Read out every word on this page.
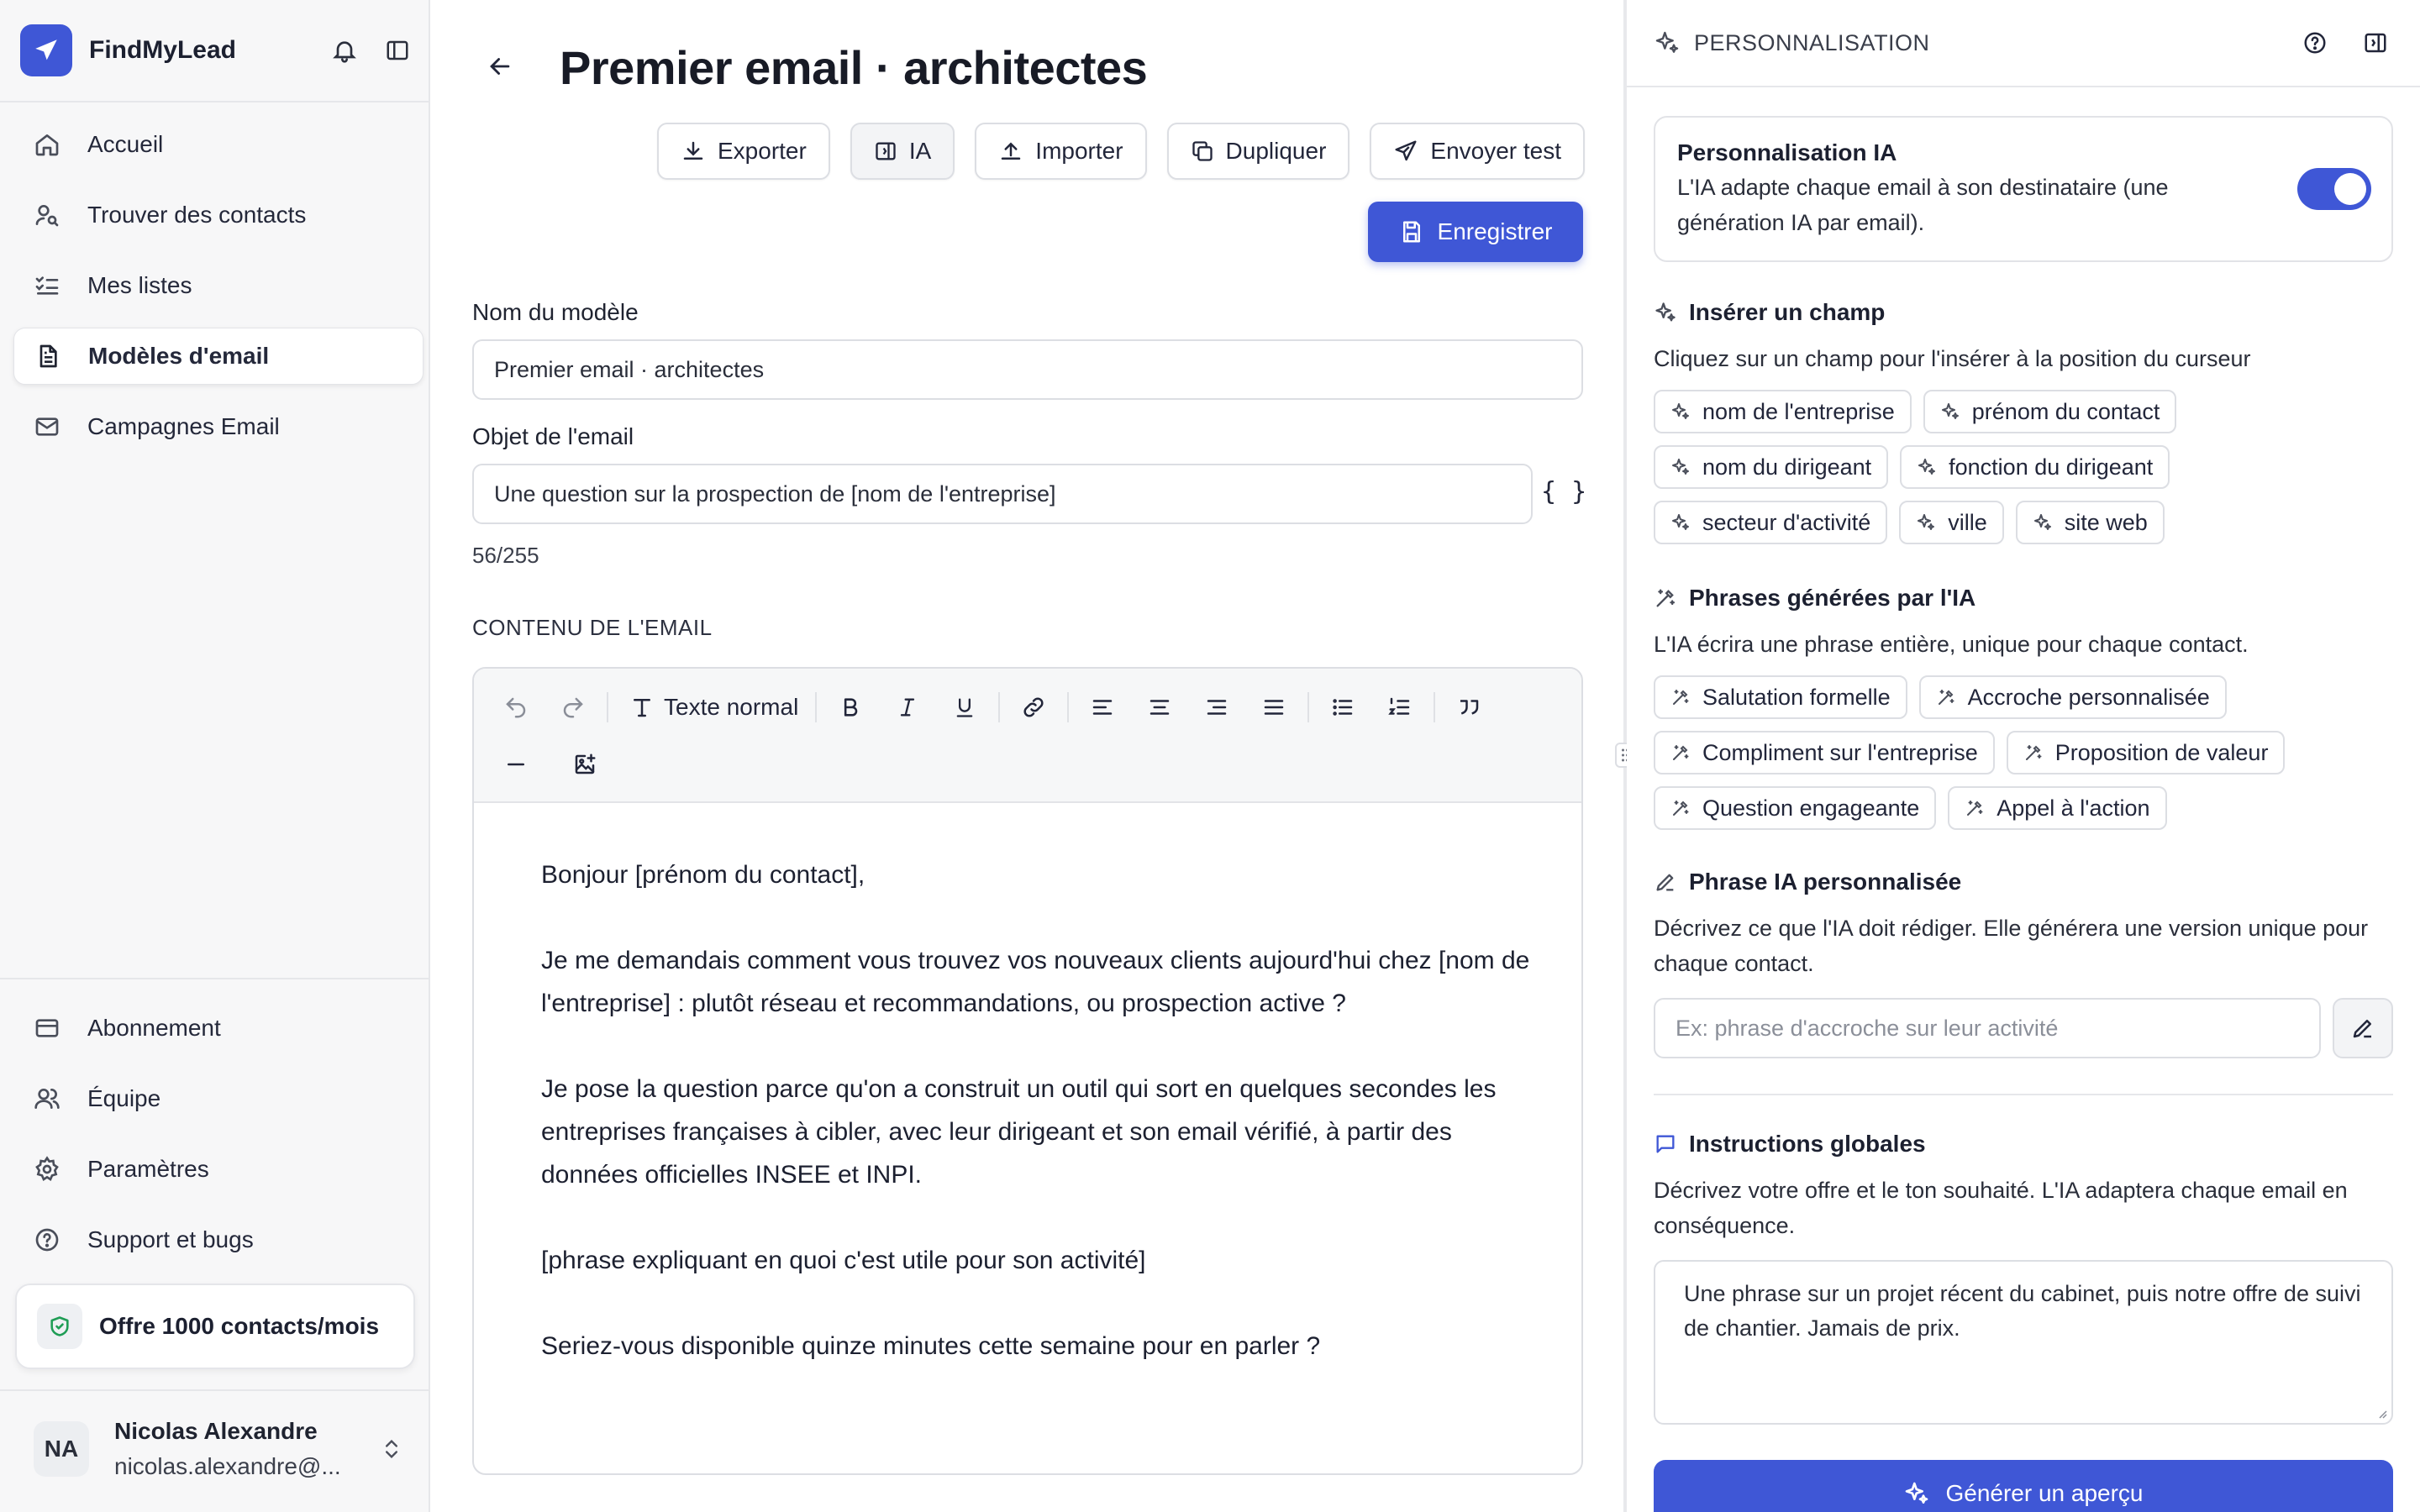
FindMyLead
Accueil
Trouver des contacts
Mes listes
Modèles d'email
Campagnes Email
Abonnement
Équipe
Paramètres
Support et bugs
Offre 1000 contacts/mois
NA
Nicolas Alexandre
nicolas.alexandre@...
Premier email · architectes
Exporter	IA	Importer	Dupliquer	Envoyer test
Enregistrer
Nom du modèle
Premier email · architectes
Objet de l'email
Une question sur la prospection de [nom de l'entreprise]	{ }
56/255
CONTENU DE L'EMAIL
Texte normal

Bonjour [prénom du contact],

Je me demandais comment vous trouvez vos nouveaux clients aujourd'hui chez [nom de l'entreprise] : plutôt réseau et recommandations, ou prospection active ?

Je pose la question parce qu'on a construit un outil qui sort en quelques secondes les entreprises françaises à cibler, avec leur dirigeant et son email vérifié, à partir des données officielles INSEE et INPI.

[phrase expliquant en quoi c'est utile pour son activité]

Seriez-vous disponible quinze minutes cette semaine pour en parler ?

PERSONNALISATION
Personnalisation IA
L'IA adapte chaque email à son destinataire (une génération IA par email).
Insérer un champ
Cliquez sur un champ pour l'insérer à la position du curseur
nom de l'entreprise	prénom du contact
nom du dirigeant	fonction du dirigeant
secteur d'activité	ville	site web
Phrases générées par l'IA
L'IA écrira une phrase entière, unique pour chaque contact.
Salutation formelle	Accroche personnalisée
Compliment sur l'entreprise	Proposition de valeur
Question engageante	Appel à l'action
Phrase IA personnalisée
Décrivez ce que l'IA doit rédiger. Elle générera une version unique pour chaque contact.
Ex: phrase d'accroche sur leur activité
Instructions globales
Décrivez votre offre et le ton souhaité. L'IA adaptera chaque email en conséquence.
Une phrase sur un projet récent du cabinet, puis notre offre de suivi de chantier. Jamais de prix.
Générer un aperçu
